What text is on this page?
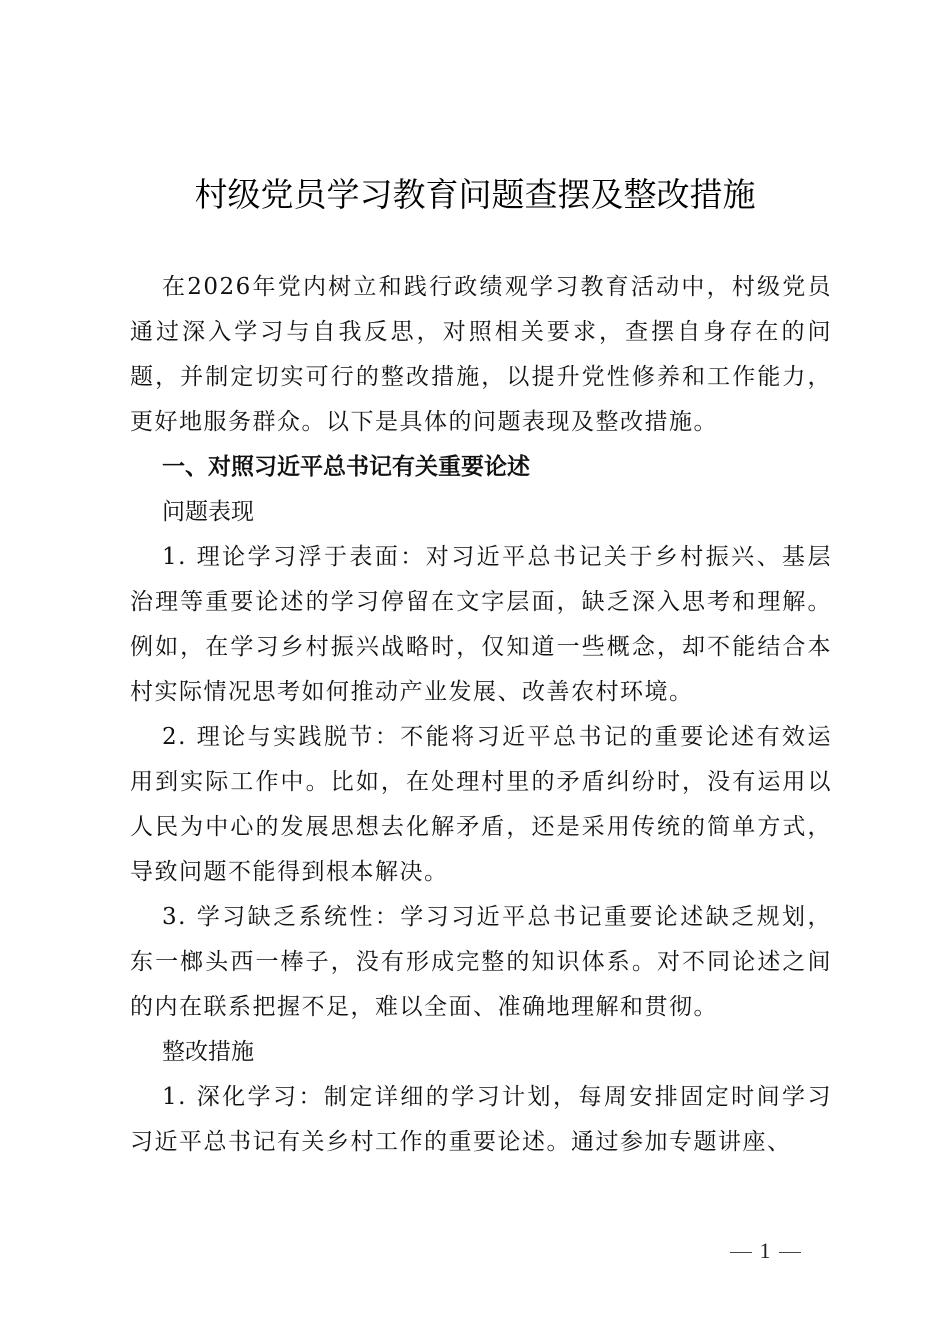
村级党员学习教育问题查摆及整改措施

在2026年党内树立和践行政绩观学习教育活动中，村级党员通过深入学习与自我反思，对照相关要求，查摆自身存在的问题，并制定切实可行的整改措施，以提升党性修养和工作能力，更好地服务群众。以下是具体的问题表现及整改措施。

一、对照习近平总书记有关重要论述

问题表现

1. 理论学习浮于表面：对习近平总书记关于乡村振兴、基层治理等重要论述的学习停留在文字层面，缺乏深入思考和理解。例如，在学习乡村振兴战略时，仅知道一些概念，却不能结合本村实际情况思考如何推动产业发展、改善农村环境。

2. 理论与实践脱节：不能将习近平总书记的重要论述有效运用到实际工作中。比如，在处理村里的矛盾纠纷时，没有运用以人民为中心的发展思想去化解矛盾，还是采用传统的简单方式，导致问题不能得到根本解决。

3. 学习缺乏系统性：学习习近平总书记重要论述缺乏规划，东一榔头西一棒子，没有形成完整的知识体系。对不同论述之间的内在联系把握不足，难以全面、准确地理解和贯彻。

整改措施

1. 深化学习：制定详细的学习计划，每周安排固定时间学习习近平总书记有关乡村工作的重要论述。通过参加专题讲座、

1
